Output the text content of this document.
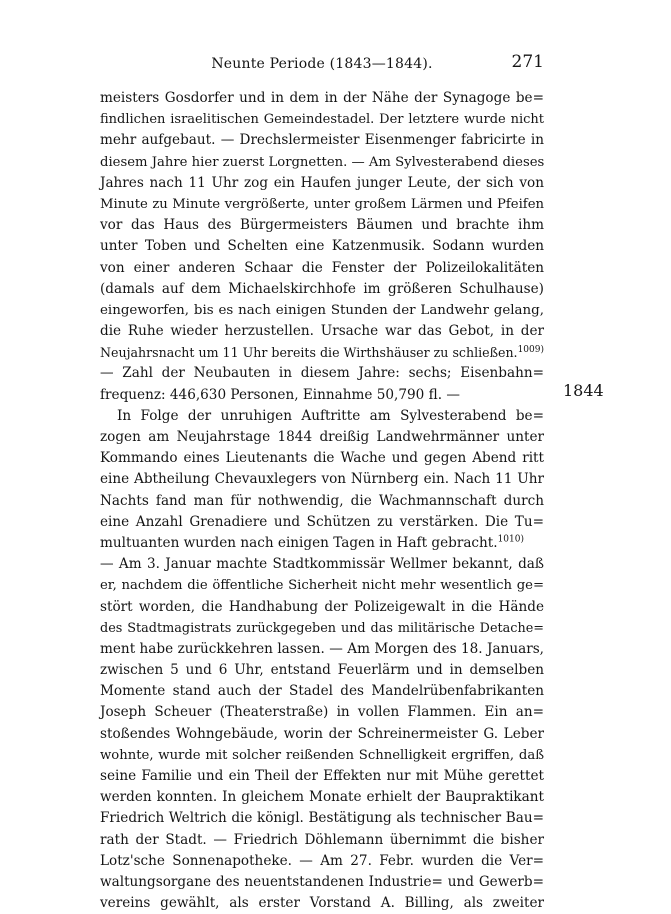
Neunte Periode (1843—1844).	271
1844
meisters Gosdorfer und in dem in der Nähe der Synagoge be=
findlichen israelitischen Gemeindestadel. Der letztere wurde nicht
mehr aufgebaut. — Drechslermeister Eisenmenger fabricirte in
diesem Jahre hier zuerst Lorgnetten. — Am Sylvesterabend dieses
Jahres nach 11 Uhr zog ein Haufen junger Leute, der sich von
Minute zu Minute vergrößerte, unter großem Lärmen und Pfeifen
vor das Haus des Bürgermeisters Bäumen und brachte ihm
unter Toben und Schelten eine Katzenmusik. Sodann wurden
von einer anderen Schaar die Fenster der Polizeilokalitäten
(damals auf dem Michaelskirchhofe im größeren Schulhause)
eingeworfen, bis es nach einigen Stunden der Landwehr gelang,
die Ruhe wieder herzustellen. Ursache war das Gebot, in der
Neujahrsnacht um 11 Uhr bereits die Wirthshäuser zu schließen.$^{1009)}$
— Zahl der Neubauten in diesem Jahre: sechs; Eisenbahn=
frequenz: 446,630 Personen, Einnahme 50,790 fl. —
In Folge der unruhigen Auftritte am Sylvesterabend be=
zogen am Neujahrstage 1844 dreißig Landwehrmänner unter
Kommando eines Lieutenants die Wache und gegen Abend ritt
eine Abtheilung Chevauxlegers von Nürnberg ein. Nach 11 Uhr
Nachts fand man für nothwendig, die Wachmannschaft durch
eine Anzahl Grenadiere und Schützen zu verstärken. Die Tu=
multuanten wurden nach einigen Tagen in Haft gebracht.$^{1010)}$
— Am 3. Januar machte Stadtkommissär Wellmer bekannt, daß
er, nachdem die öffentliche Sicherheit nicht mehr wesentlich ge=
stört worden, die Handhabung der Polizeigewalt in die Hände
des Stadtmagistrats zurückgegeben und das militärische Detache=
ment habe zurückkehren lassen. — Am Morgen des 18. Januars,
zwischen 5 und 6 Uhr, entstand Feuerlärm und in demselben
Momente stand auch der Stadel des Mandelrübenfabrikanten
Joseph Scheuer (Theaterstraße) in vollen Flammen. Ein an=
stoßendes Wohngebäude, worin der Schreinermeister G. Leber
wohnte, wurde mit solcher reißenden Schnelligkeit ergriffen, daß
seine Familie und ein Theil der Effekten nur mit Mühe gerettet
werden konnten. In gleichem Monate erhielt der Baupraktikant
Friedrich Weltrich die königl. Bestätigung als technischer Bau=
rath der Stadt. — Friedrich Döhlemann übernimmt die bisher
Lotz'sche Sonnenapotheke. — Am 27. Febr. wurden die Ver=
waltungsorgane des neuentstandenen Industrie= und Gewerb=
vereins gewählt, als erster Vorstand A. Billing, als zweiter
